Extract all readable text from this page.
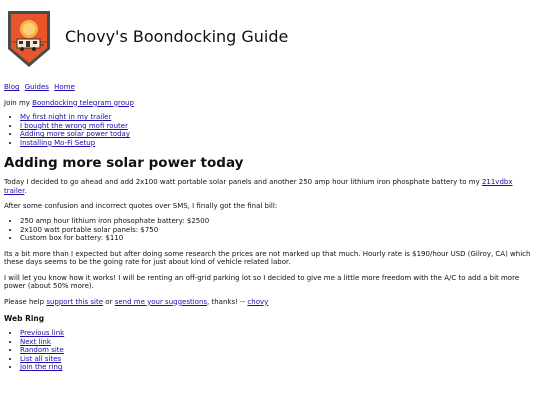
Chovy's Boondocking Guide
Blog Guides Home
Join my Boondocking telegram group
• My first night in my trailer
• I bought the wrong mofi router
• Adding more solar power today
• Installing Mo-Fi Setup
Adding more solar power today

Today I decided to go ahead and add 2x100 watt portable solar panels and another 250 amp hour lithium iron phosphate battery to my 211vdbx trailer.

After some confusion and incorrect quotes over SMS, I finally got the final bill:

• 250 amp hour lithium iron phosophate battery: $2500
• 2x100 watt portable solar panels: $750
• Custom box for battery: $110

Its a bit more than I expected but after doing some research the prices are not marked up that much. Hourly rate is $190/hour USD (Gilroy, CA) which these days seems to be the going rate for just about kind of vehicle related labor.

I will let you know how it works! I will be renting an off-grid parking lot so I decided to give me a little more freedom with the A/C to add a bit more power (about 50% more).

Please help support this site or send me your suggestions, thanks! -- chovy

Web Ring
• Previous link
• Next link
• Random site
• List all sites
• Join the ring
